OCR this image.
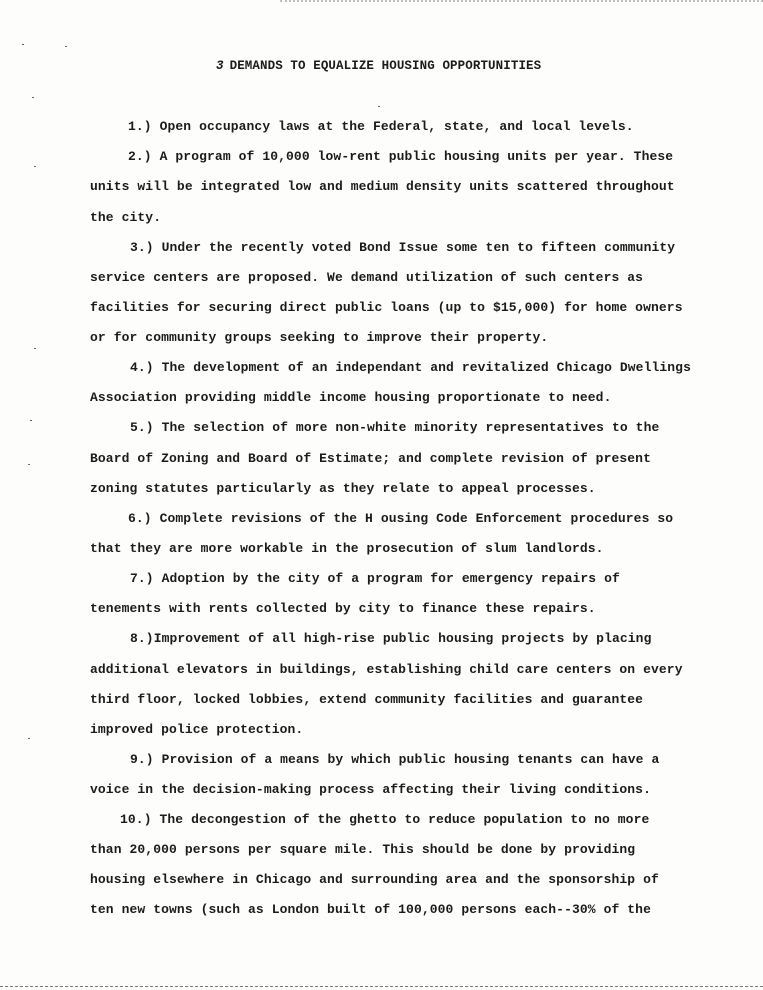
3 DEMANDS TO EQUALIZE HOUSING OPPORTUNITIES
1.) Open occupancy laws at the Federal, state, and local levels.
2.) A program of 10,000 low-rent public housing units per year. These
units will be integrated low and medium density units scattered throughout
the city.
3.) Under the recently voted Bond Issue some ten to fifteen community
service centers are proposed. We demand utilization of such centers as
facilities for securing direct public loans (up to $15,000) for home owners
or for community groups seeking to improve their property.
4.) The development of an independant and revitalized Chicago Dwellings
Association providing middle income housing proportionate to need.
5.) The selection of more non-white minority representatives to the
Board of Zoning and Board of Estimate; and complete revision of present
zoning statutes particularly as they relate to appeal processes.
6.) Complete revisions of the H ousing Code Enforcement procedures so
that they are more workable in the prosecution of slum landlords.
7.) Adoption by the city of a program for emergency repairs of
tenements with rents collected by city to finance these repairs.
8.)Improvement of all high-rise public housing projects by placing
additional elevators in buildings, establishing child care centers on every
third floor, locked lobbies, extend community facilities and guarantee
improved police protection.
9.) Provision of a means by which public housing tenants can have a
voice in the decision-making process affecting their living conditions.
10.) The decongestion of the ghetto to reduce population to no more
than 20,000 persons per square mile. This should be done by providing
housing elsewhere in Chicago and surrounding area and the sponsorship of
ten new towns (such as London built of 100,000 persons each--30% of the
